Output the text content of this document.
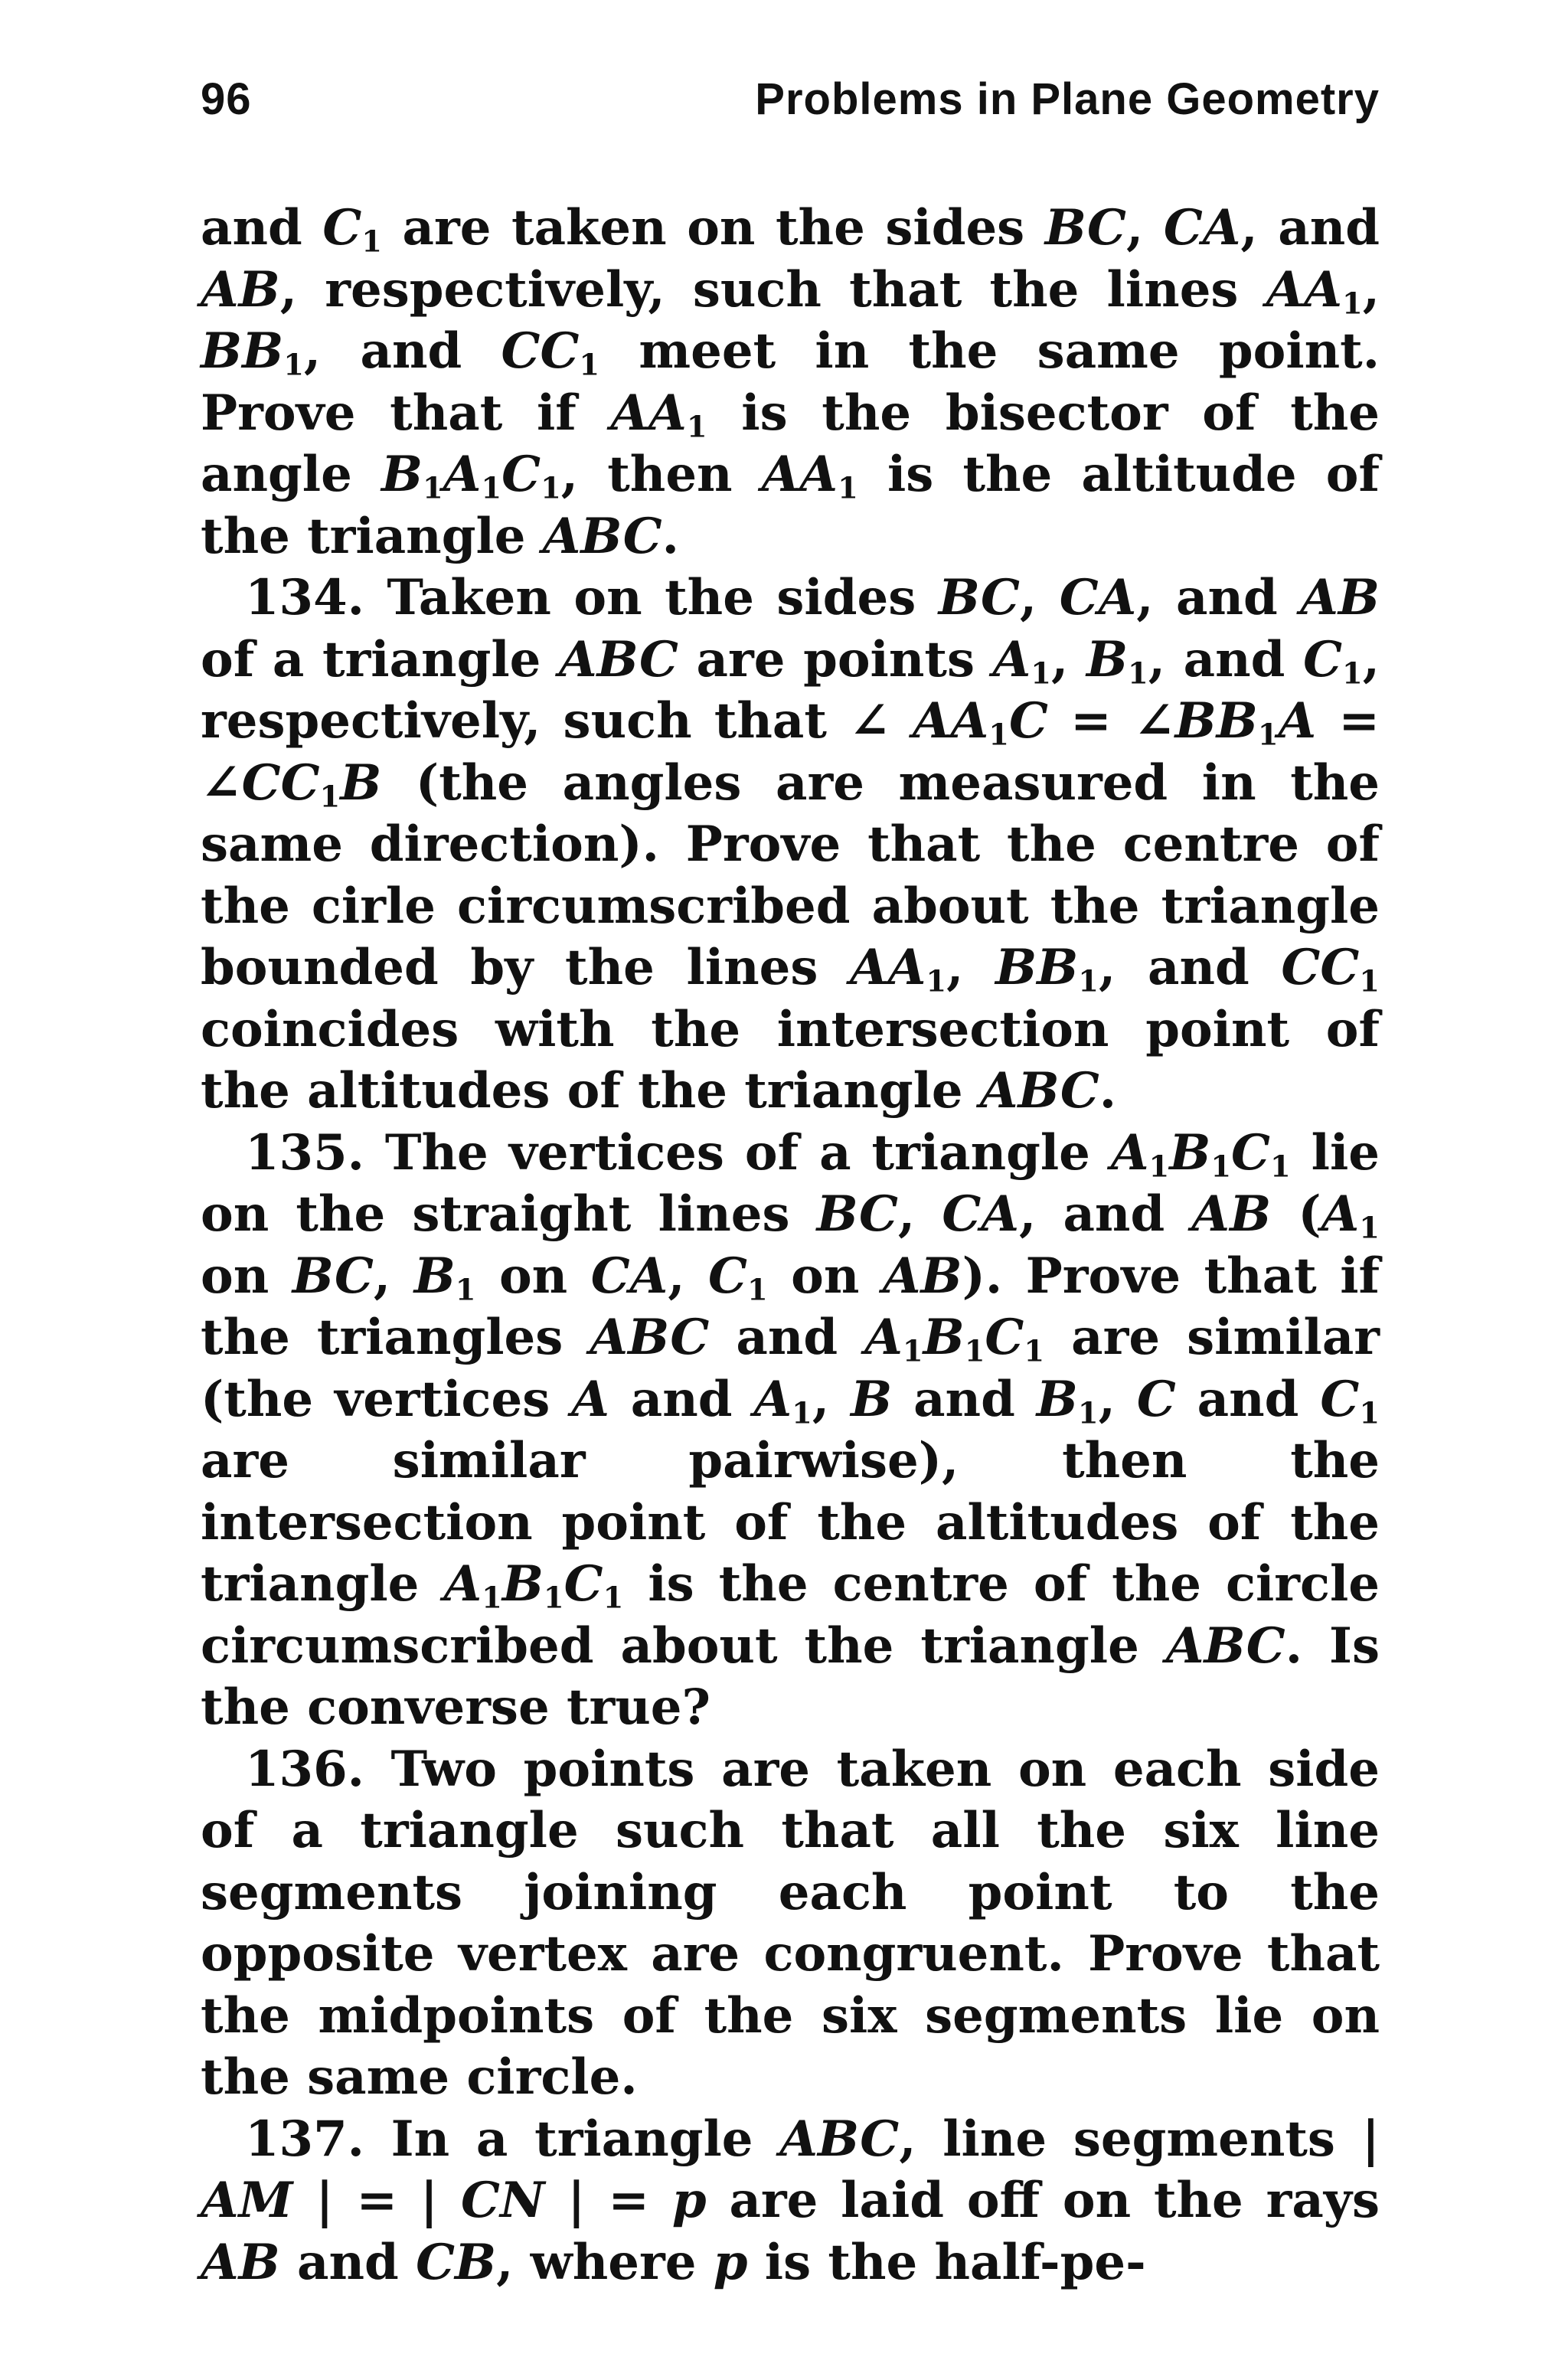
96	Problems in Plane Geometry

and $C_1$ are taken on the sides BC, CA, and AB, respectively, such that the lines $AA_1$, $BB_1$, and $CC_1$ meet in the same point. Prove that if $AA_1$ is the bisector of the angle $B_1A_1C_1$, then $AA_1$ is the altitude of the triangle ABC.

134. Taken on the sides BC, CA, and AB of a triangle ABC are points $A_1$, $B_1$, and $C_1$, respectively, such that ∠ $AA_1C$ = $\angle BB_1A$ = $\angle CC_1B$ (the angles are measured in the same direction). Prove that the centre of the cirle circumscribed about the triangle bounded by the lines $AA_1$, $BB_1$, and $CC_1$ coincides with the intersection point of the altitudes of the triangle ABC.

135. The vertices of a triangle $A_1B_1C_1$ lie on the straight lines BC, CA, and AB ($A_1$ on BC, $B_1$ on CA, $C_1$ on AB). Prove that if the triangles ABC and $A_1B_1C_1$ are similar (the vertices A and $A_1$, B and $B_1$, C and $C_1$ are similar pairwise), then the intersection point of the altitudes of the triangle $A_1B_1C_1$ is the centre of the circle circumscribed about the triangle ABC. Is the converse true?

136. Two points are taken on each side of a triangle such that all the six line segments joining each point to the opposite vertex are congruent. Prove that the midpoints of the six segments lie on the same circle.

137. In a triangle ABC, line segments | AM | = | CN | = p are laid off on the rays AB and CB, where p is the half-pe-
